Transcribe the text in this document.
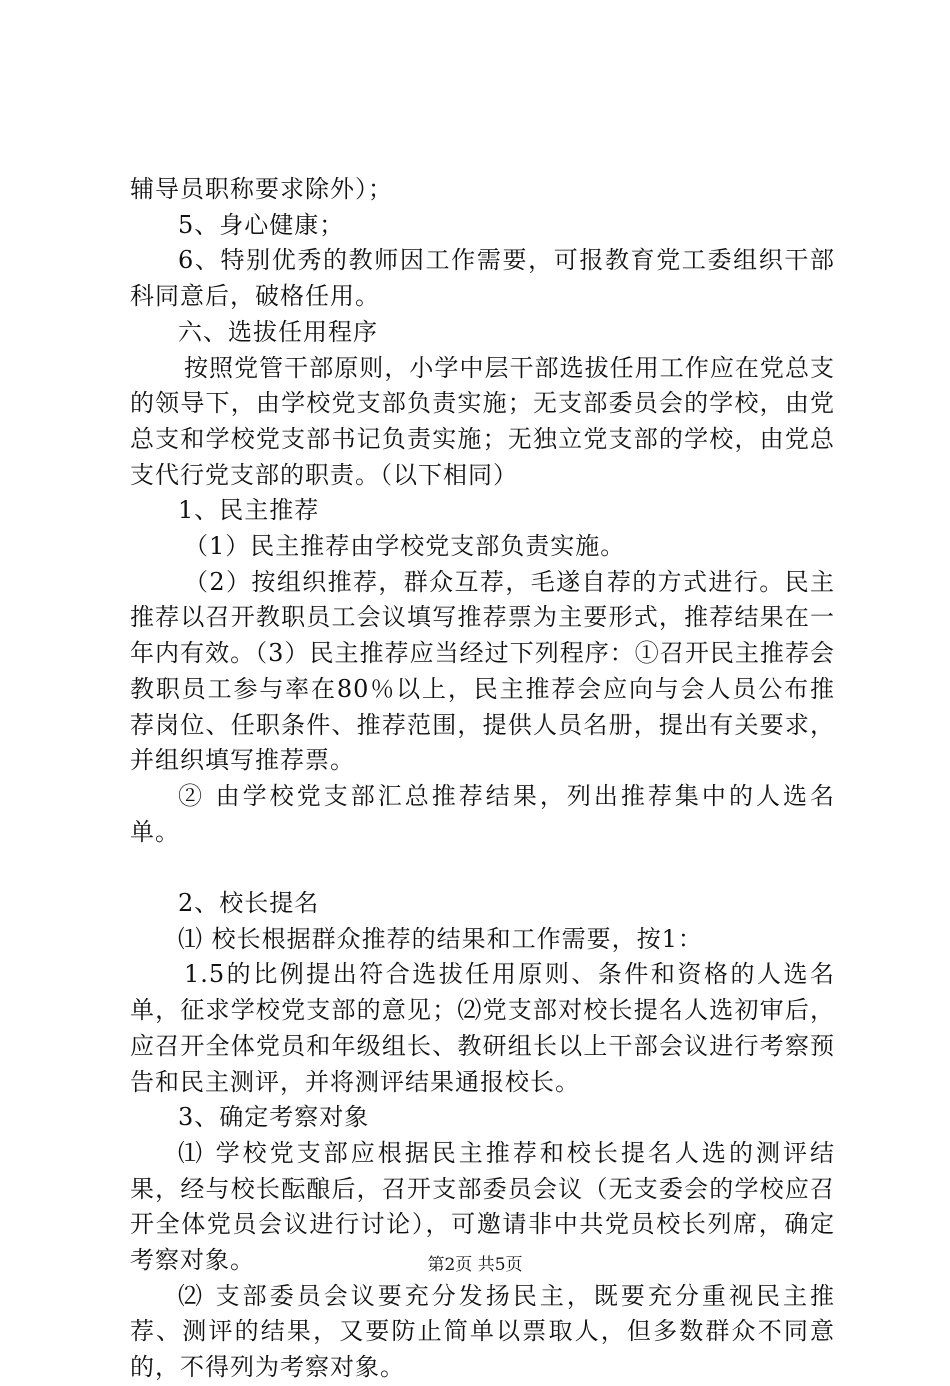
辅导员职称要求除外）；

5、身心健康；

6、特别优秀的教师因工作需要，可报教育党工委组织干部科同意后，破格任用。

六、选拔任用程序

按照党管干部原则，小学中层干部选拔任用工作应在党总支的领导下，由学校党支部负责实施；无支部委员会的学校，由党总支和学校党支部书记负责实施；无独立党支部的学校，由党总支代行党支部的职责。（以下相同）

1、民主推荐

（1）民主推荐由学校党支部负责实施。

（2）按组织推荐，群众互荐，毛遂自荐的方式进行。民主推荐以召开教职员工会议填写推荐票为主要形式，推荐结果在一年内有效。（3）民主推荐应当经过下列程序：①召开民主推荐会教职员工参与率在80％以上，民主推荐会应向与会人员公布推荐岗位、任职条件、推荐范围，提供人员名册，提出有关要求，并组织填写推荐票。

② 由学校党支部汇总推荐结果，列出推荐集中的人选名单。

2、校长提名

⑴ 校长根据群众推荐的结果和工作需要，按1：

1.5的比例提出符合选拔任用原则、条件和资格的人选名单，征求学校党支部的意见；⑵党支部对校长提名人选初审后，应召开全体党员和年级组长、教研组长以上干部会议进行考察预告和民主测评，并将测评结果通报校长。

3、确定考察对象

⑴ 学校党支部应根据民主推荐和校长提名人选的测评结果，经与校长酝酿后，召开支部委员会议（无支委会的学校应召开全体党员会议进行讨论），可邀请非中共党员校长列席，确定考察对象。

⑵ 支部委员会议要充分发扬民主，既要充分重视民主推荐、测评的结果，又要防止简单以票取人，但多数群众不同意的，不得列为考察对象。

第2页 共5页
